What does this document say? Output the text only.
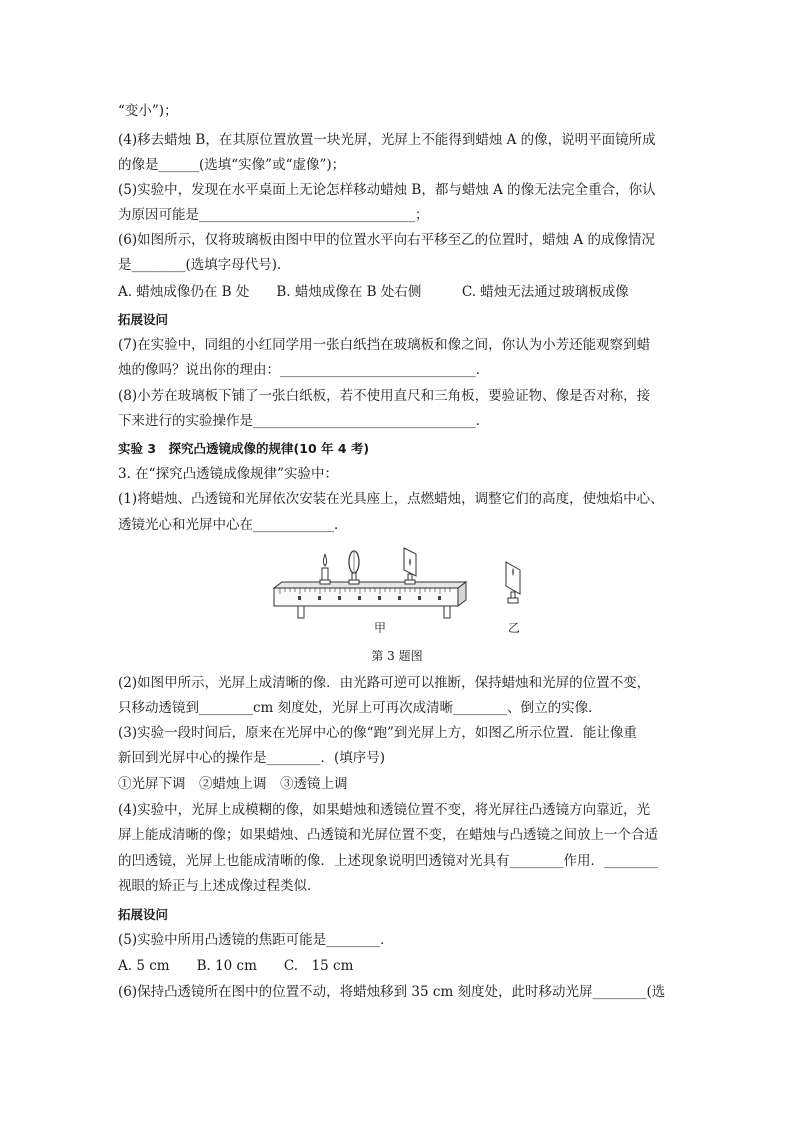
“变小”)；
(4)移去蜡烛 B，在其原位置放置一块光屏，光屏上不能得到蜡烛 A 的像，说明平面镜所成
的像是______(选填“实像”或“虚像”)；
(5)实验中，发现在水平桌面上无论怎样移动蜡烛 B，都与蜡烛 A 的像无法完全重合，你认
为原因可能是________________________________；
(6)如图所示，仅将玻璃板由图中甲的位置水平向右平移至乙的位置时，蜡烛 A 的成像情况
是________(选填字母代号)．
A. 蜡烛成像仍在 B 处　　B. 蜡烛成像在 B 处右侧　　　C. 蜡烛无法通过玻璃板成像
拓展设问
(7)在实验中，同组的小红同学用一张白纸挡在玻璃板和像之间，你认为小芳还能观察到蜡
烛的像吗？说出你的理由：_____________________________．
(8)小芳在玻璃板下铺了一张白纸板，若不使用直尺和三角板，要验证物、像是否对称，接
下来进行的实验操作是_________________________________．
实验 3　探究凸透镜成像的规律(10 年 4 考)
3. 在“探究凸透镜成像规律”实验中：
(1)将蜡烛、凸透镜和光屏依次安装在光具座上，点燃蜡烛，调整它们的高度，使烛焰中心、
透镜光心和光屏中心在____________．
甲	乙
第 3 题图
(2)如图甲所示，光屏上成清晰的像．由光路可逆可以推断，保持蜡烛和光屏的位置不变，
只移动透镜到________cm 刻度处，光屏上可再次成清晰________、倒立的实像．
(3)实验一段时间后，原来在光屏中心的像“跑”到光屏上方，如图乙所示位置．能让像重
新回到光屏中心的操作是________．(填序号)
①光屏下调　②蜡烛上调　③透镜上调
(4)实验中，光屏上成模糊的像，如果蜡烛和透镜位置不变，将光屏往凸透镜方向靠近，光
屏上能成清晰的像；如果蜡烛、凸透镜和光屏位置不变，在蜡烛与凸透镜之间放上一个合适
的凹透镜，光屏上也能成清晰的像．上述现象说明凹透镜对光具有________作用．________
视眼的矫正与上述成像过程类似．
拓展设问
(5)实验中所用凸透镜的焦距可能是________．
A. 5 cm　　B. 10 cm　　C.　15 cm
(6)保持凸透镜所在图中的位置不动，将蜡烛移到 35 cm 刻度处，此时移动光屏________(选
